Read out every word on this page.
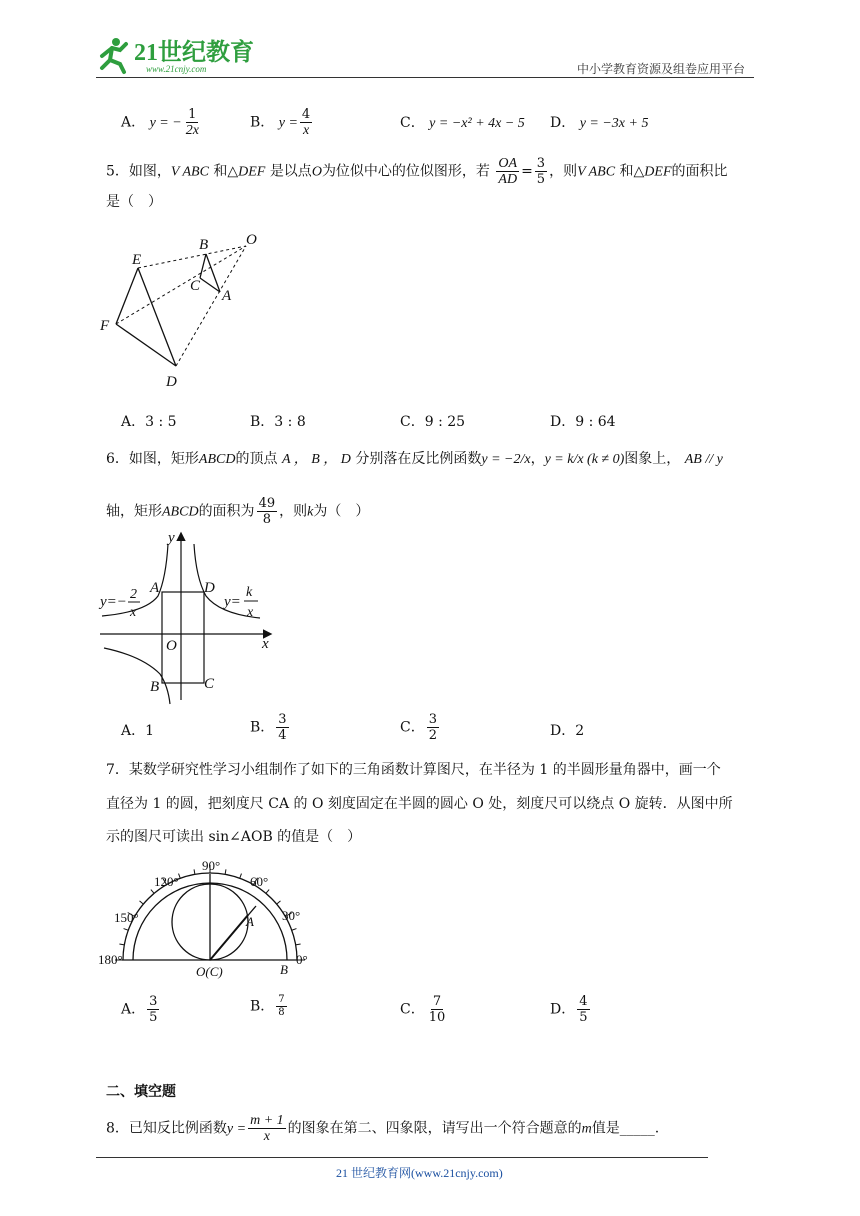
21世纪教育
www.21cnjy.com	中小学教育资源及组卷应用平台
A． y = − $\frac{1}{2x}$	B． $y = \frac{4}{x}$	C． y = −x² + 4x − 5 D． y = −3x + 5
5．如图，V ABC 和△DEF 是以点O为位似中心的位似图形，若 $\frac{OA}{AD} = \frac{3}{5}$ ，则V ABC 和△DEF的面积比
是（　）
E
B	O
C
A
F
D
A．3 : 5	B．3 : 8	C．9 : 25	D．9 : 64
6．如图，矩形ABCD的顶点 A ， B ， D 分别落在反比例函数y = −2/x，y = k/x (k ≠ 0)图象上， AB // y
轴，矩形ABCD的面积为 $\frac{49}{8}$ ，则k为（　）
y
x
O
A	D
B	C
y=− 2
x
y=
k
x
A．1	B． $\frac{3}{4}$	C． $\frac{3}{2}$	D．2
7．某数学研究性学习小组制作了如下的三角函数计算图尺，在半径为 1 的半圆形量角器中，画一个
直径为 1 的圆，把刻度尺 CA 的 O 刻度固定在半圆的圆心 O 处，刻度尺可以绕点 O 旋转．从图中所
示的图尺可读出 sin∠AOB 的值是（　）
90°
120°	60°
150°	30°
180°	0°
A
O(C)	B
A． $\frac{3}{5}$	B． $\frac{7}{8}$	C． $\frac{7}{10}$	D． $\frac{4}{5}$
二、填空题
8．已知反比例函数$y = \frac{m + 1}{x}$ 的图象在第二、四象限，请写出一个符合题意的m值是_____.
21 世纪教育网(www.21cnjy.com)
